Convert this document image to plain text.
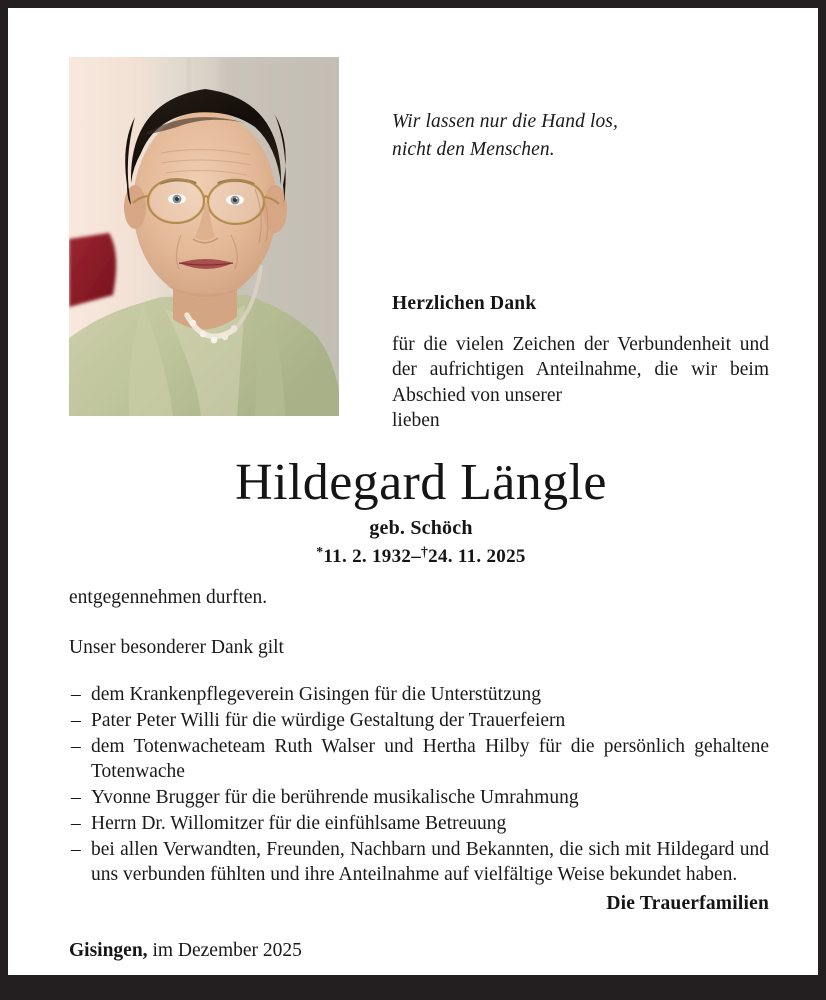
Wir lassen nur die Hand los,
nicht den Menschen.
Herzlichen Dank
für die vielen Zeichen der Verbundenheit und der aufrichtigen Anteilnahme, die wir beim Abschied von unserer
lieben
Hildegard Längle
geb. Schöch
*11. 2. 1932–†24. 11. 2025

entgegennehmen durften.

Unser besonderer Dank gilt

– dem Krankenpflegeverein Gisingen für die Unterstützung
– Pater Peter Willi für die würdige Gestaltung der Trauerfeiern
– dem Totenwacheteam Ruth Walser und Hertha Hilby für die persönlich gehaltene Totenwache
– Yvonne Brugger für die berührende musikalische Umrahmung
– Herrn Dr. Willomitzer für die einfühlsame Betreuung
– bei allen Verwandten, Freunden, Nachbarn und Bekannten, die sich mit Hildegard und uns verbunden fühlten und ihre Anteilnahme auf vielfältige Weise bekundet haben.
Die Trauerfamilien
Gisingen, im Dezember 2025
